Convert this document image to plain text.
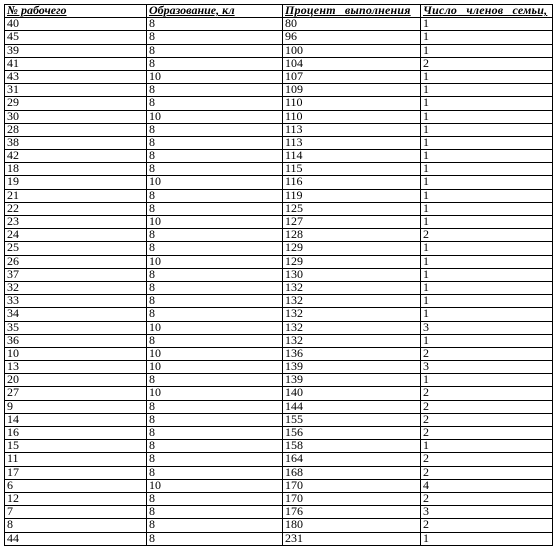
№ рабочего	Образование, кл	Процент выполнения	Число членов семьи,
40	8	80	1
45	8	96	1
39	8	100	1
41	8	104	2
43	10	107	1
31	8	109	1
29	8	110	1
30	10	110	1
28	8	113	1
38	8	113	1
42	8	114	1
18	8	115	1
19	10	116	1
21	8	119	1
22	8	125	1
23	10	127	1
24	8	128	2
25	8	129	1
26	10	129	1
37	8	130	1
32	8	132	1
33	8	132	1
34	8	132	1
35	10	132	3
36	8	132	1
10	10	136	2
13	10	139	3
20	8	139	1
27	10	140	2
9	8	144	2
14	8	155	2
16	8	156	2
15	8	158	1
11	8	164	2
17	8	168	2
6	10	170	4
12	8	170	2
7	8	176	3
8	8	180	2
44	8	231	1
